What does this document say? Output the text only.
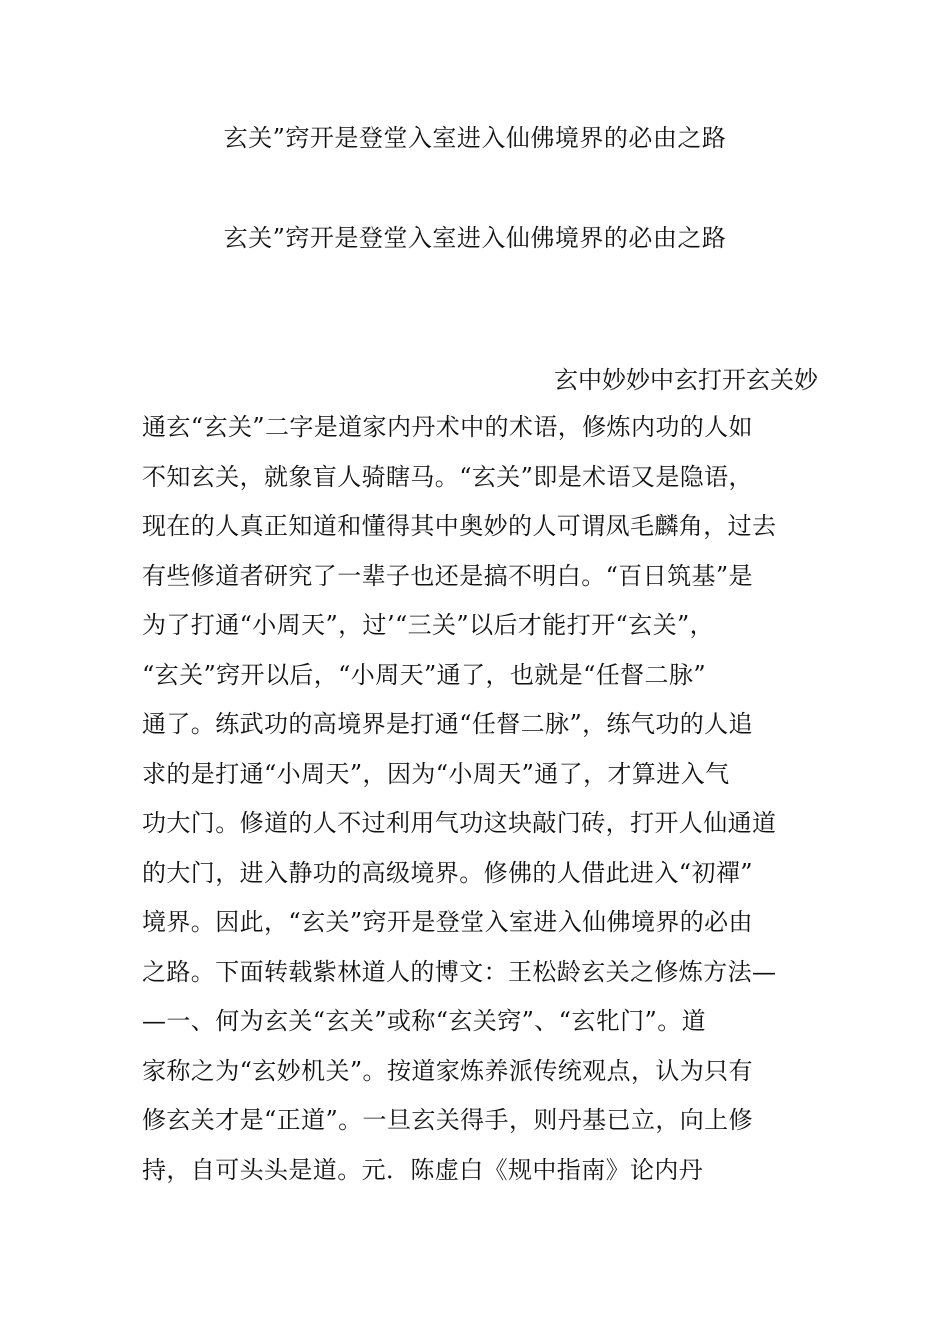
玄关”窍开是登堂入室进入仙佛境界的必由之路
玄关”窍开是登堂入室进入仙佛境界的必由之路
玄中妙妙中玄打开玄关妙
通玄“玄关”二字是道家内丹术中的术语，修炼内功的人如
不知玄关，就象盲人骑瞎马。“玄关”即是术语又是隐语，
现在的人真正知道和懂得其中奥妙的人可谓凤毛麟角，过去
有些修道者研究了一辈子也还是搞不明白。“百日筑基”是
为了打通“小周天”，过’“三关”以后才能打开“玄关”，
“玄关”窍开以后，“小周天”通了，也就是“任督二脉”
通了。练武功的高境界是打通“任督二脉”，练气功的人追
求的是打通“小周天”，因为“小周天”通了，才算进入气
功大门。修道的人不过利用气功这块敲门砖，打开人仙通道
的大门，进入静功的高级境界。修佛的人借此进入“初禪”
境界。因此，“玄关”窍开是登堂入室进入仙佛境界的必由
之路。下面转载紫林道人的博文：王松龄玄关之修炼方法—
—一、何为玄关“玄关”或称“玄关窍”、“玄牝门”。道
家称之为“玄妙机关”。按道家炼养派传统观点，认为只有
修玄关才是“正道”。一旦玄关得手，则丹基已立，向上修
持，自可头头是道。元．陈虚白《规中指南》论内丹
